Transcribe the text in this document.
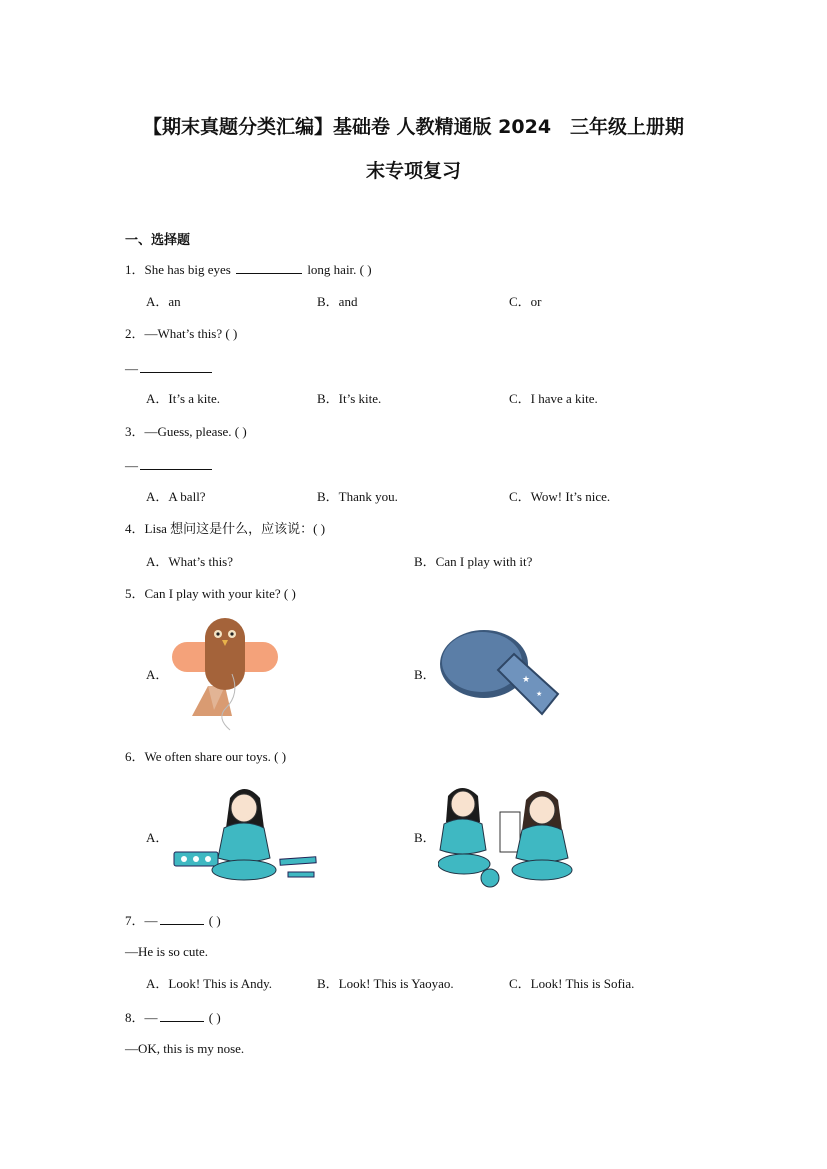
【期末真题分类汇编】基础卷 人教精通版 2024　三年级上册期
末专项复习
一、选择题
1．She has big eyes	long hair. ( )
A．an	B．and	C．or
2．—What’s this? ( )
—
A．It’s a kite.	B．It’s kite.	C．I have a kite.
3．—Guess, please. ( )
—
A．A ball?	B．Thank you.	C．Wow! It’s nice.
4．Lisa 想问这是什么，应该说：( )
A．What’s this?	B．Can I play with it?
5．Can I play with your kite? ( )
A．	B．	★
★
6．We often share our toys. ( )
A．	B．
7．—	( )
—He is so cute.
A．Look! This is Andy.	B．Look! This is Yaoyao.	C．Look! This is Sofia.
8．—	( )
—OK, this is my nose.
